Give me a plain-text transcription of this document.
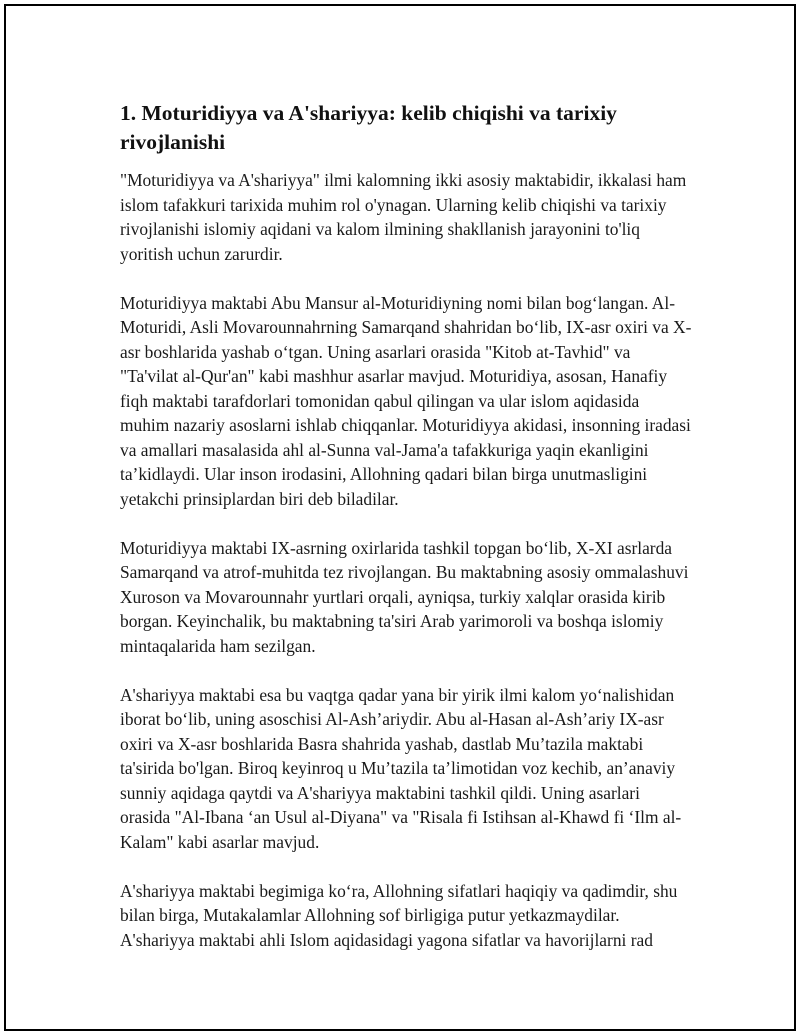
1. Moturidiyya va A'shariyya: kelib chiqishi va tarixiy rivojlanishi

"Moturidiyya va A'shariyya" ilmi kalomning ikki asosiy maktabidir, ikkalasi ham islom tafakkuri tarixida muhim rol o'ynagan. Ularning kelib chiqishi va tarixiy rivojlanishi islomiy aqidani va kalom ilmining shakllanish jarayonini to'liq yoritish uchun zarurdir.

Moturidiyya maktabi Abu Mansur al-Moturidiyning nomi bilan bog‘langan. Al-Moturidi, Asli Movarounnahrning Samarqand shahridan bo‘lib, IX-asr oxiri va X-asr boshlarida yashab o‘tgan. Uning asarlari orasida "Kitob at-Tavhid" va "Ta'vilat al-Qur'an" kabi mashhur asarlar mavjud. Moturidiya, asosan, Hanafiy fiqh maktabi tarafdorlari tomonidan qabul qilingan va ular islom aqidasida muhim nazariy asoslarni ishlab chiqqanlar. Moturidiyya akidasi, insonning iradasi va amallari masalasida ahl al-Sunna val-Jama'a tafakkuriga yaqin ekanligini ta’kidlaydi. Ular inson irodasini, Allohning qadari bilan birga unutmasligini yetakchi prinsiplardan biri deb biladilar.

Moturidiyya maktabi IX-asrning oxirlarida tashkil topgan bo‘lib, X-XI asrlarda Samarqand va atrof-muhitda tez rivojlangan. Bu maktabning asosiy ommalashuvi Xuroson va Movarounnahr yurtlari orqali, ayniqsa, turkiy xalqlar orasida kirib borgan. Keyinchalik, bu maktabning ta'siri Arab yarimoroli va boshqa islomiy mintaqalarida ham sezilgan.

A'shariyya maktabi esa bu vaqtga qadar yana bir yirik ilmi kalom yo‘nalishidan iborat bo‘lib, uning asoschisi Al-Ash’ariydir. Abu al-Hasan al-Ash’ariy IX-asr oxiri va X-asr boshlarida Basra shahrida yashab, dastlab Mu’tazila maktabi ta'sirida bo'lgan. Biroq keyinroq u Mu’tazila ta’limotidan voz kechib, an’anaviy sunniy aqidaga qaytdi va A'shariyya maktabini tashkil qildi. Uning asarlari orasida "Al-Ibana ‘an Usul al-Diyana" va "Risala fi Istihsan al-Khawd fi ‘Ilm al-Kalam" kabi asarlar mavjud.

A'shariyya maktabi begimiga ko‘ra, Allohning sifatlari haqiqiy va qadimdir, shu bilan birga, Mutakalamlar Allohning sof birligiga putur yetkazmaydilar. A'shariyya maktabi ahli Islom aqidasidagi yagona sifatlar va havorijlarni rad
